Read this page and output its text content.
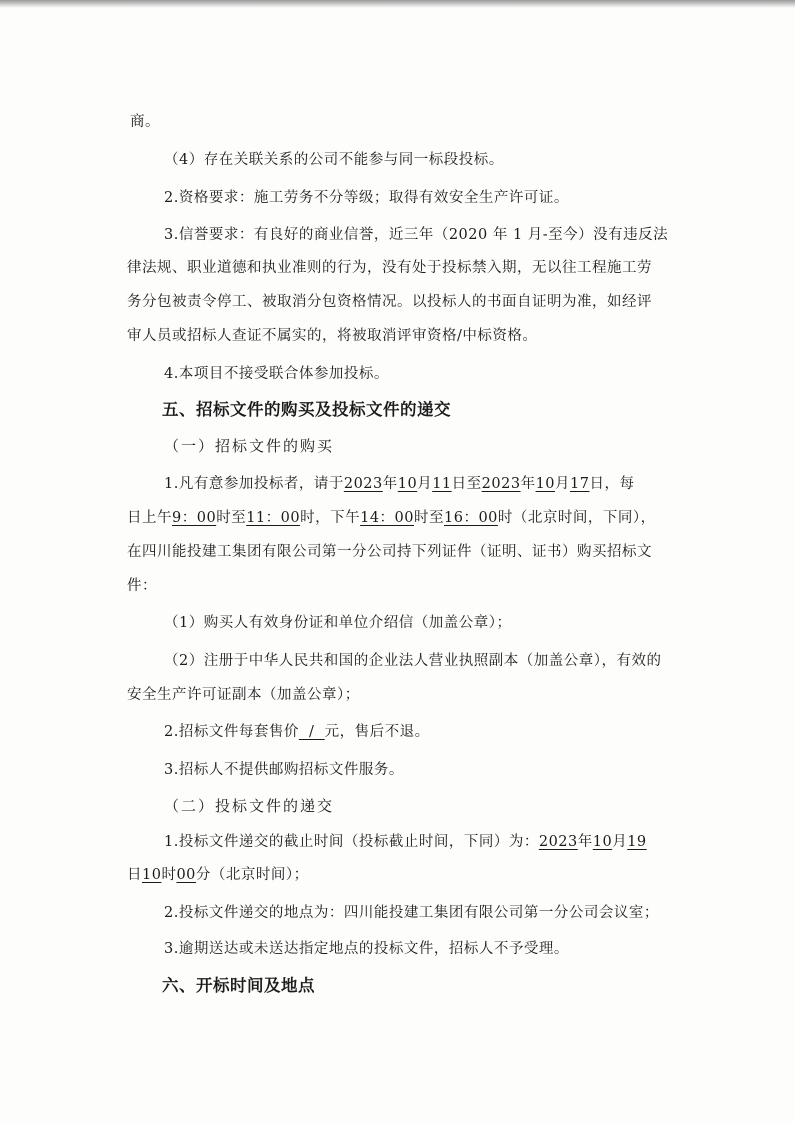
商。
（4）存在关联关系的公司不能参与同一标段投标。
2.资格要求：施工劳务不分等级；取得有效安全生产许可证。
3.信誉要求：有良好的商业信誉，近三年（2020 年 1 月-至今）没有违反法
律法规、职业道德和执业准则的行为，没有处于投标禁入期，无以往工程施工劳
务分包被责令停工、被取消分包资格情况。以投标人的书面自证明为准，如经评
审人员或招标人查证不属实的，将被取消评审资格/中标资格。
4.本项目不接受联合体参加投标。
五、招标文件的购买及投标文件的递交
（一）招标文件的购买
1.凡有意参加投标者，请于2023年10月11日至2023年10月17日，每
日上午9：00时至11：00时，下午14：00时至16：00时（北京时间，下同），
在四川能投建工集团有限公司第一分公司持下列证件（证明、证书）购买招标文
件：
（1）购买人有效身份证和单位介绍信（加盖公章）；
（2）注册于中华人民共和国的企业法人营业执照副本（加盖公章），有效的
安全生产许可证副本（加盖公章）；
2.招标文件每套售价  /  元，售后不退。
3.招标人不提供邮购招标文件服务。
（二）投标文件的递交
1.投标文件递交的截止时间（投标截止时间，下同）为：2023年10月19
日10时00分（北京时间）；
2.投标文件递交的地点为：四川能投建工集团有限公司第一分公司会议室；
3.逾期送达或未送达指定地点的投标文件，招标人不予受理。
六、开标时间及地点
